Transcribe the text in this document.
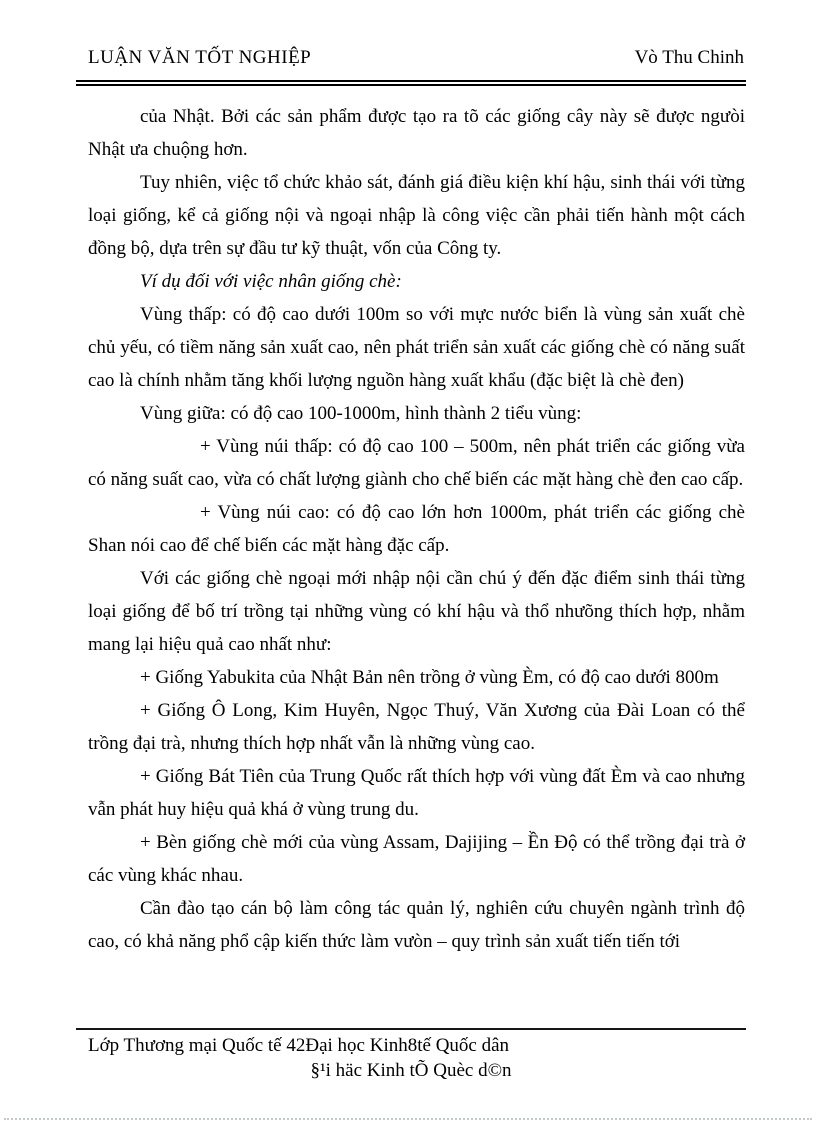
LUẬN VĂN TỐT NGHIỆP	Vò Thu Chinh

của Nhật. Bởi các sản phẩm được tạo ra tõ các giống cây này sẽ được ngưòi Nhật ưa chuộng hơn.

Tuy nhiên, việc tổ chức khảo sát, đánh giá điều kiện khí hậu, sinh thái với từng loại giống, kể cả giống nội và ngoại nhập là công việc cần phải tiến hành một cách đồng bộ, dựa trên sự đầu tư kỹ thuật, vốn của Công ty.

Ví dụ đối với việc nhân giống chè:

Vùng thấp: có độ cao dưới 100m so với mực nước biển là vùng sản xuất chè chủ yếu, có tiềm năng sản xuất cao, nên phát triển sản xuất các giống chè có năng suất cao là chính nhằm tăng khối lượng nguồn hàng xuất khẩu (đặc biệt là chè đen)

Vùng giữa: có độ cao 100-1000m, hình thành 2 tiểu vùng:

+ Vùng núi thấp: có độ cao 100 – 500m, nên phát triển các giống vừa có năng suất cao, vừa có chất lượng giành cho chế biến các mặt hàng chè đen cao cấp.

+ Vùng núi cao: có độ cao lớn hơn 1000m, phát triển các giống chè Shan nói cao để chế biến các mặt hàng đặc cấp.

Với các giống chè ngoại mới nhập nội cần chú ý đến đặc điểm sinh thái từng loại giống để bố trí trồng tại những vùng có khí hậu và thổ nhưõng thích hợp, nhằm mang lại hiệu quả cao nhất như:

+ Giống Yabukita của Nhật Bản nên trồng ở vùng Èm, có độ cao dưới 800m

+ Giống Ô Long, Kim Huyên, Ngọc Thuý, Văn Xương của Đài Loan có thể trồng đại trà, nhưng thích hợp nhất vẫn là những vùng cao.

+ Giống Bát Tiên của Trung Quốc rất thích hợp với vùng đất Èm và cao nhưng vẫn phát huy hiệu quả khá ở vùng trung du.

+ Bèn giống chè mới của vùng Assam, Dajijing – Ền Độ có thể trồng đại trà ở các vùng khác nhau.

Cần đào tạo cán bộ làm công tác quản lý, nghiên cứu chuyên ngành trình độ cao, có khả năng phổ cập kiến thức làm vưòn – quy trình sản xuất tiến tiến tới

Lớp Thương mại Quốc tế 42Đại học Kinh8tế Quốc dân
§¹i häc Kinh tÕ Quèc d©n
